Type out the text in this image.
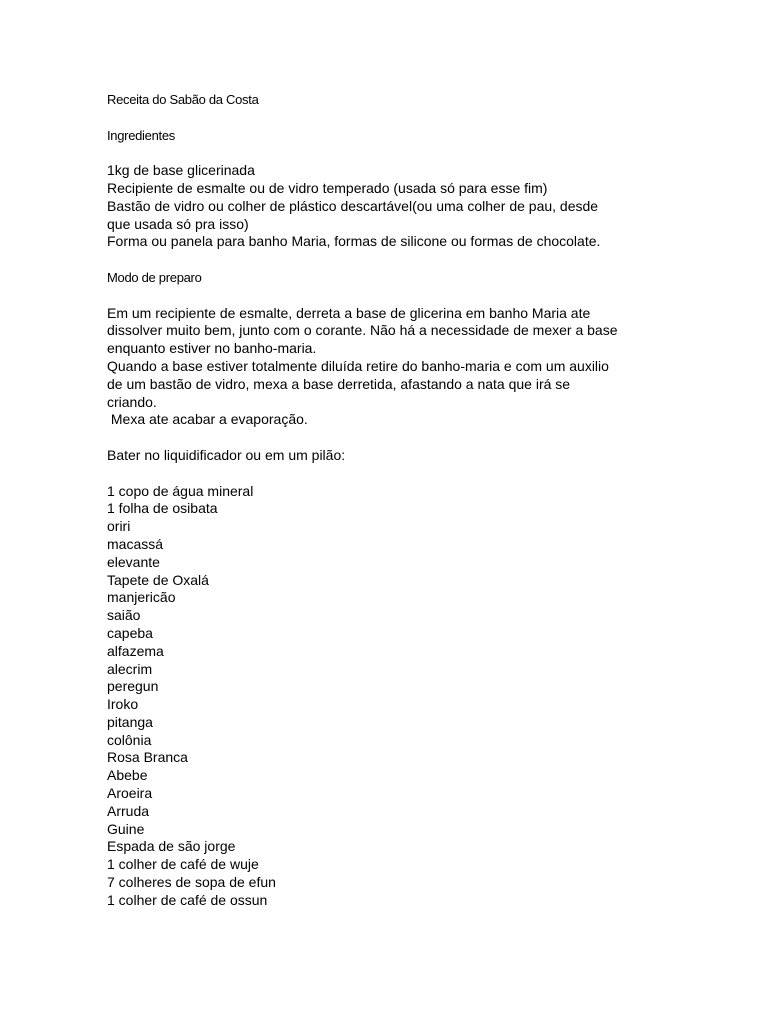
Receita do Sabão da Costa

Ingredientes

1kg de base glicerinada
Recipiente de esmalte ou de vidro temperado (usada só para esse fim)
Bastão de vidro ou colher de plástico descartável(ou uma colher de pau, desde
que usada só pra isso)
Forma ou panela para banho Maria, formas de silicone ou formas de chocolate.

Modo de preparo

Em um recipiente de esmalte, derreta a base de glicerina em banho Maria ate

dissolver muito bem, junto com o corante. Não há a necessidade de mexer a base

enquanto estiver no banho-maria.

Quando a base estiver totalmente diluída retire do banho-maria e com um auxilio

de um bastão de vidro, mexa a base derretida, afastando a nata que irá se

criando.

Mexa ate acabar a evaporação.

Bater no liquidificador ou em um pilão:

1 copo de água mineral
1 folha de osibata
oriri
macassá
elevante
Tapete de Oxalá
manjericão
saião
capeba
alfazema
alecrim
peregun
Iroko
pitanga
colônia
Rosa Branca
Abebe
Aroeira
Arruda
Guine
Espada de são jorge
1 colher de café de wuje
7 colheres de sopa de efun
1 colher de café de ossun
